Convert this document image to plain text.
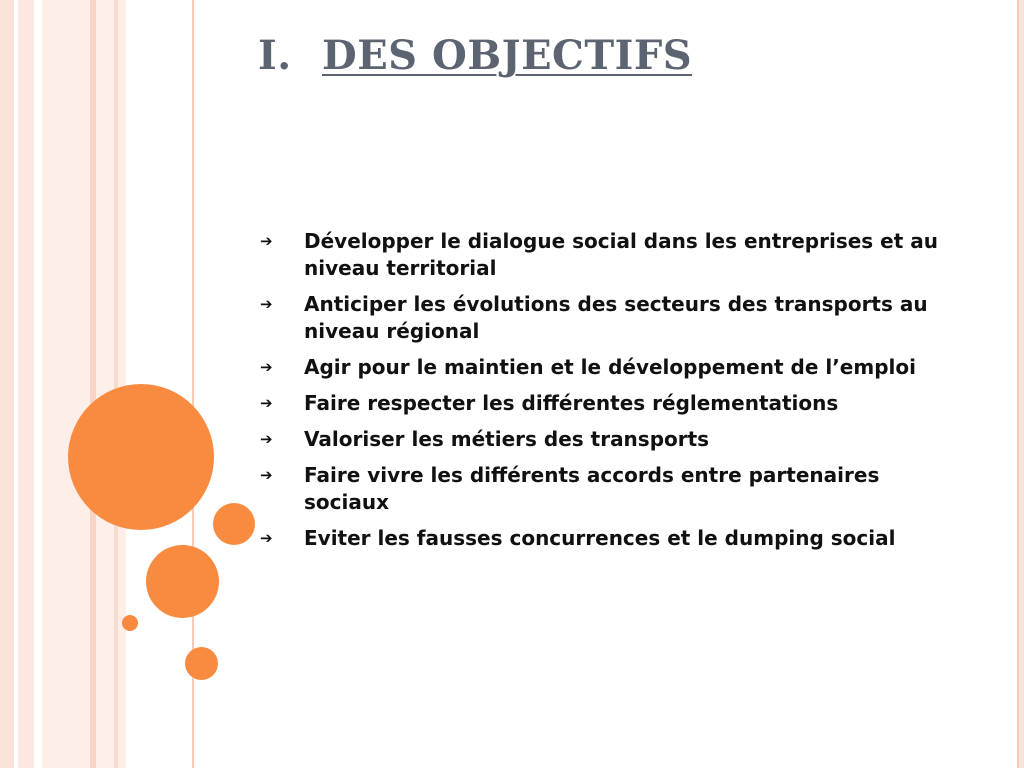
I. DES OBJECTIFS
➔ Développer le dialogue social dans les entreprises et au niveau territorial
➔ Anticiper les évolutions des secteurs des transports au niveau régional
➔ Agir pour le maintien et le développement de l’emploi
➔ Faire respecter les différentes réglementations
➔ Valoriser les métiers des transports
➔ Faire vivre les différents accords entre partenaires sociaux
➔ Eviter les fausses concurrences et le dumping social
